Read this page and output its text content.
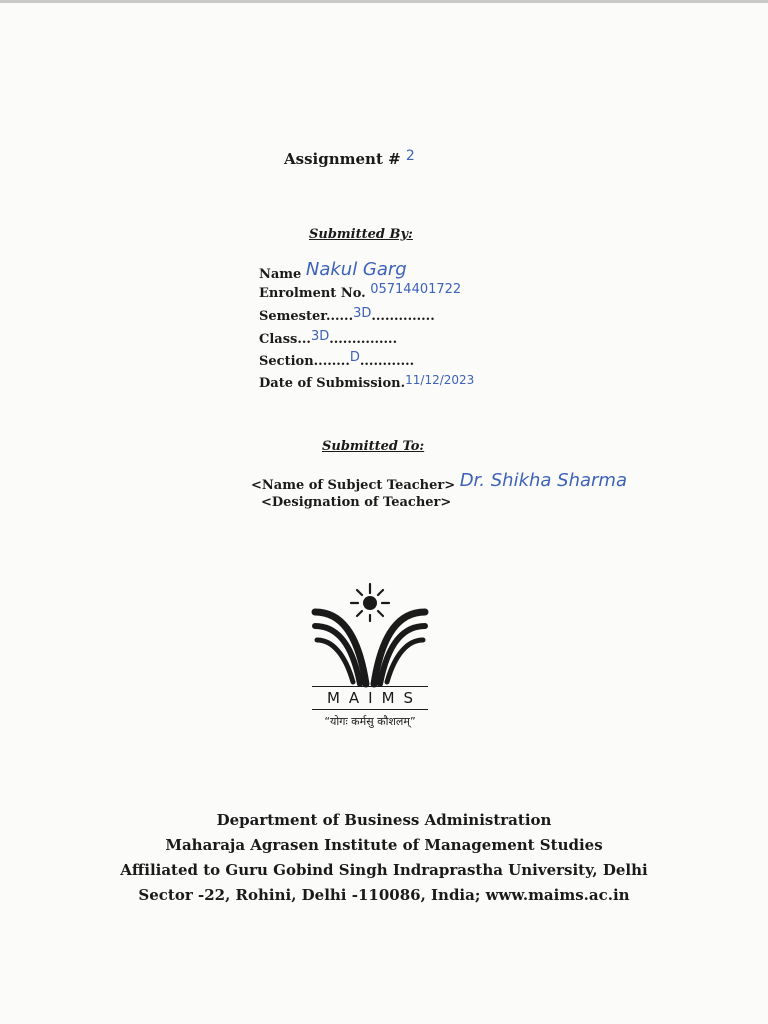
Assignment # 2
Submitted By:
Name Nakul Garg
Enrolment No. 05714401722
Semester......3D..............
Class...3D...............
Section........D............
Date of Submission.11/12/2023
Submitted To:
<Name of Subject Teacher> Dr. Shikha Sharma
<Designation of Teacher>
MAIMS
“योगः कर्मसु कौशलम्”
Department of Business Administration
Maharaja Agrasen Institute of Management Studies
Affiliated to Guru Gobind Singh Indraprastha University, Delhi
Sector -22, Rohini, Delhi -110086, India; www.maims.ac.in
